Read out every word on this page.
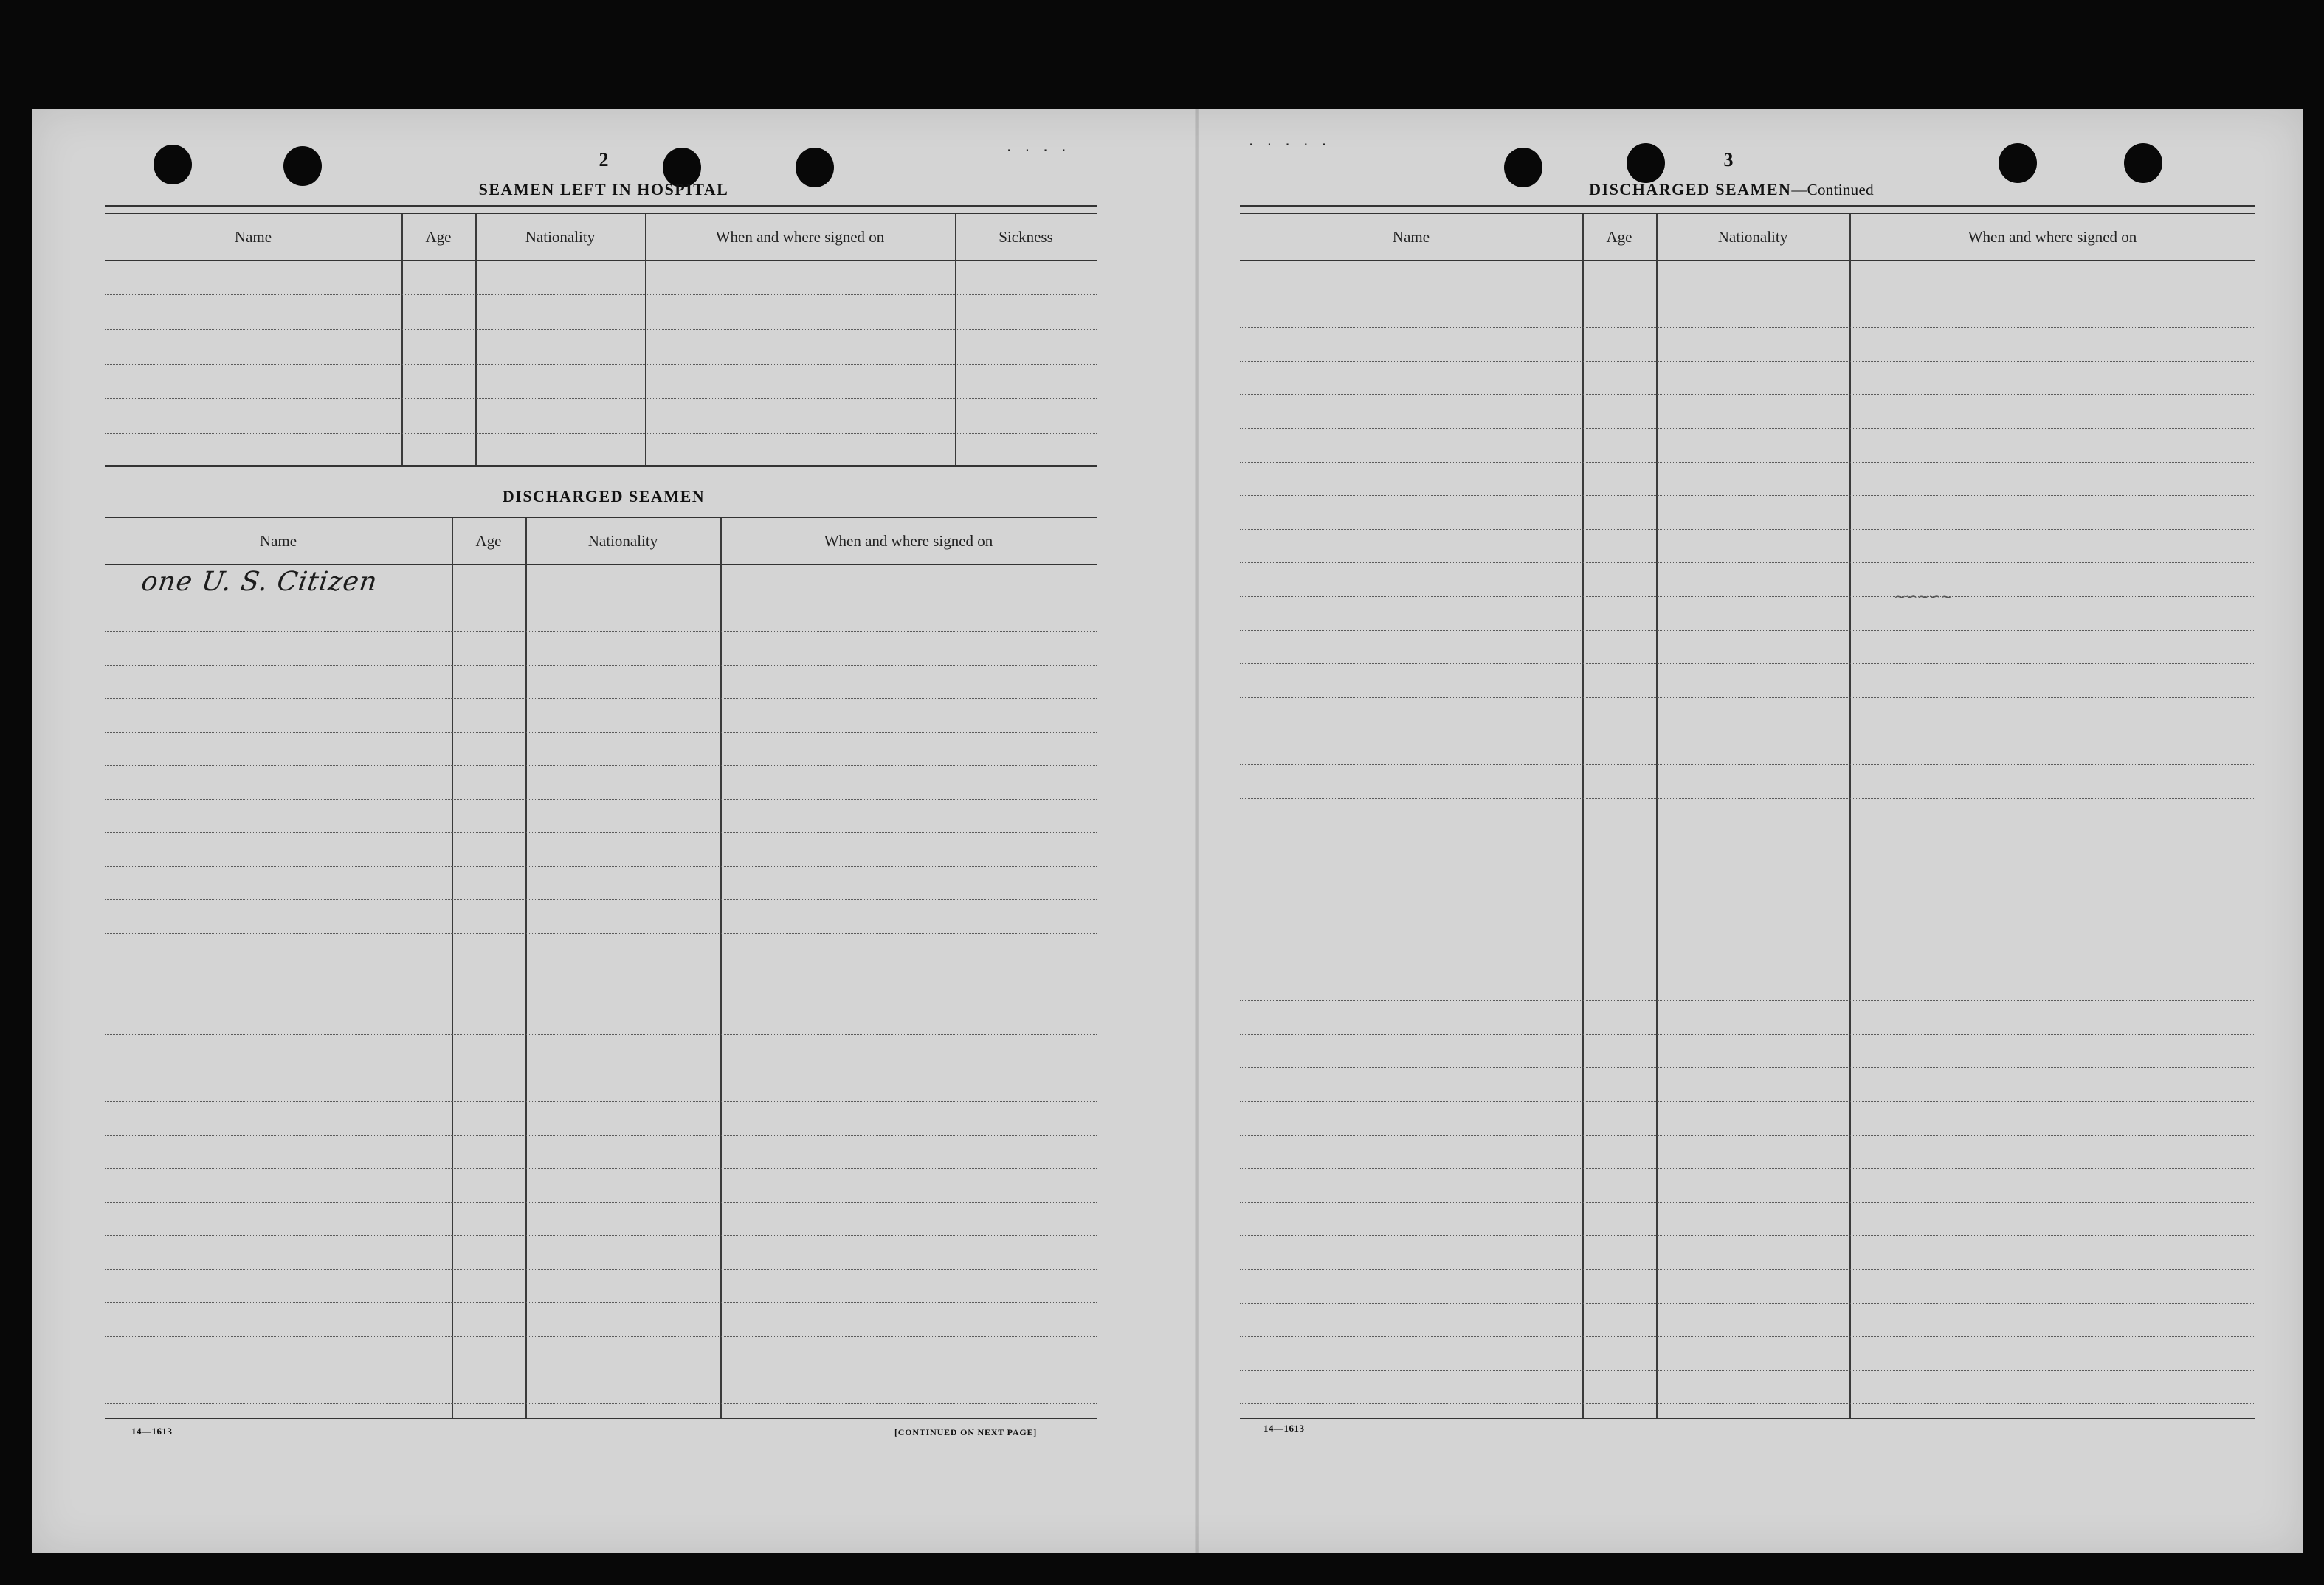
. . . .	. . . . .
2
SEAMEN LEFT IN HOSPITAL
Name	Age	Nationality	When and where signed on	Sickness
DISCHARGED SEAMEN
Name	Age	Nationality	When and where signed on
one U. S. Citizen
14—1613	[CONTINUED ON NEXT PAGE]
3
DISCHARGED SEAMEN—Continued
Name	Age	Nationality	When and where signed on
~∽~∽~
14—1613
